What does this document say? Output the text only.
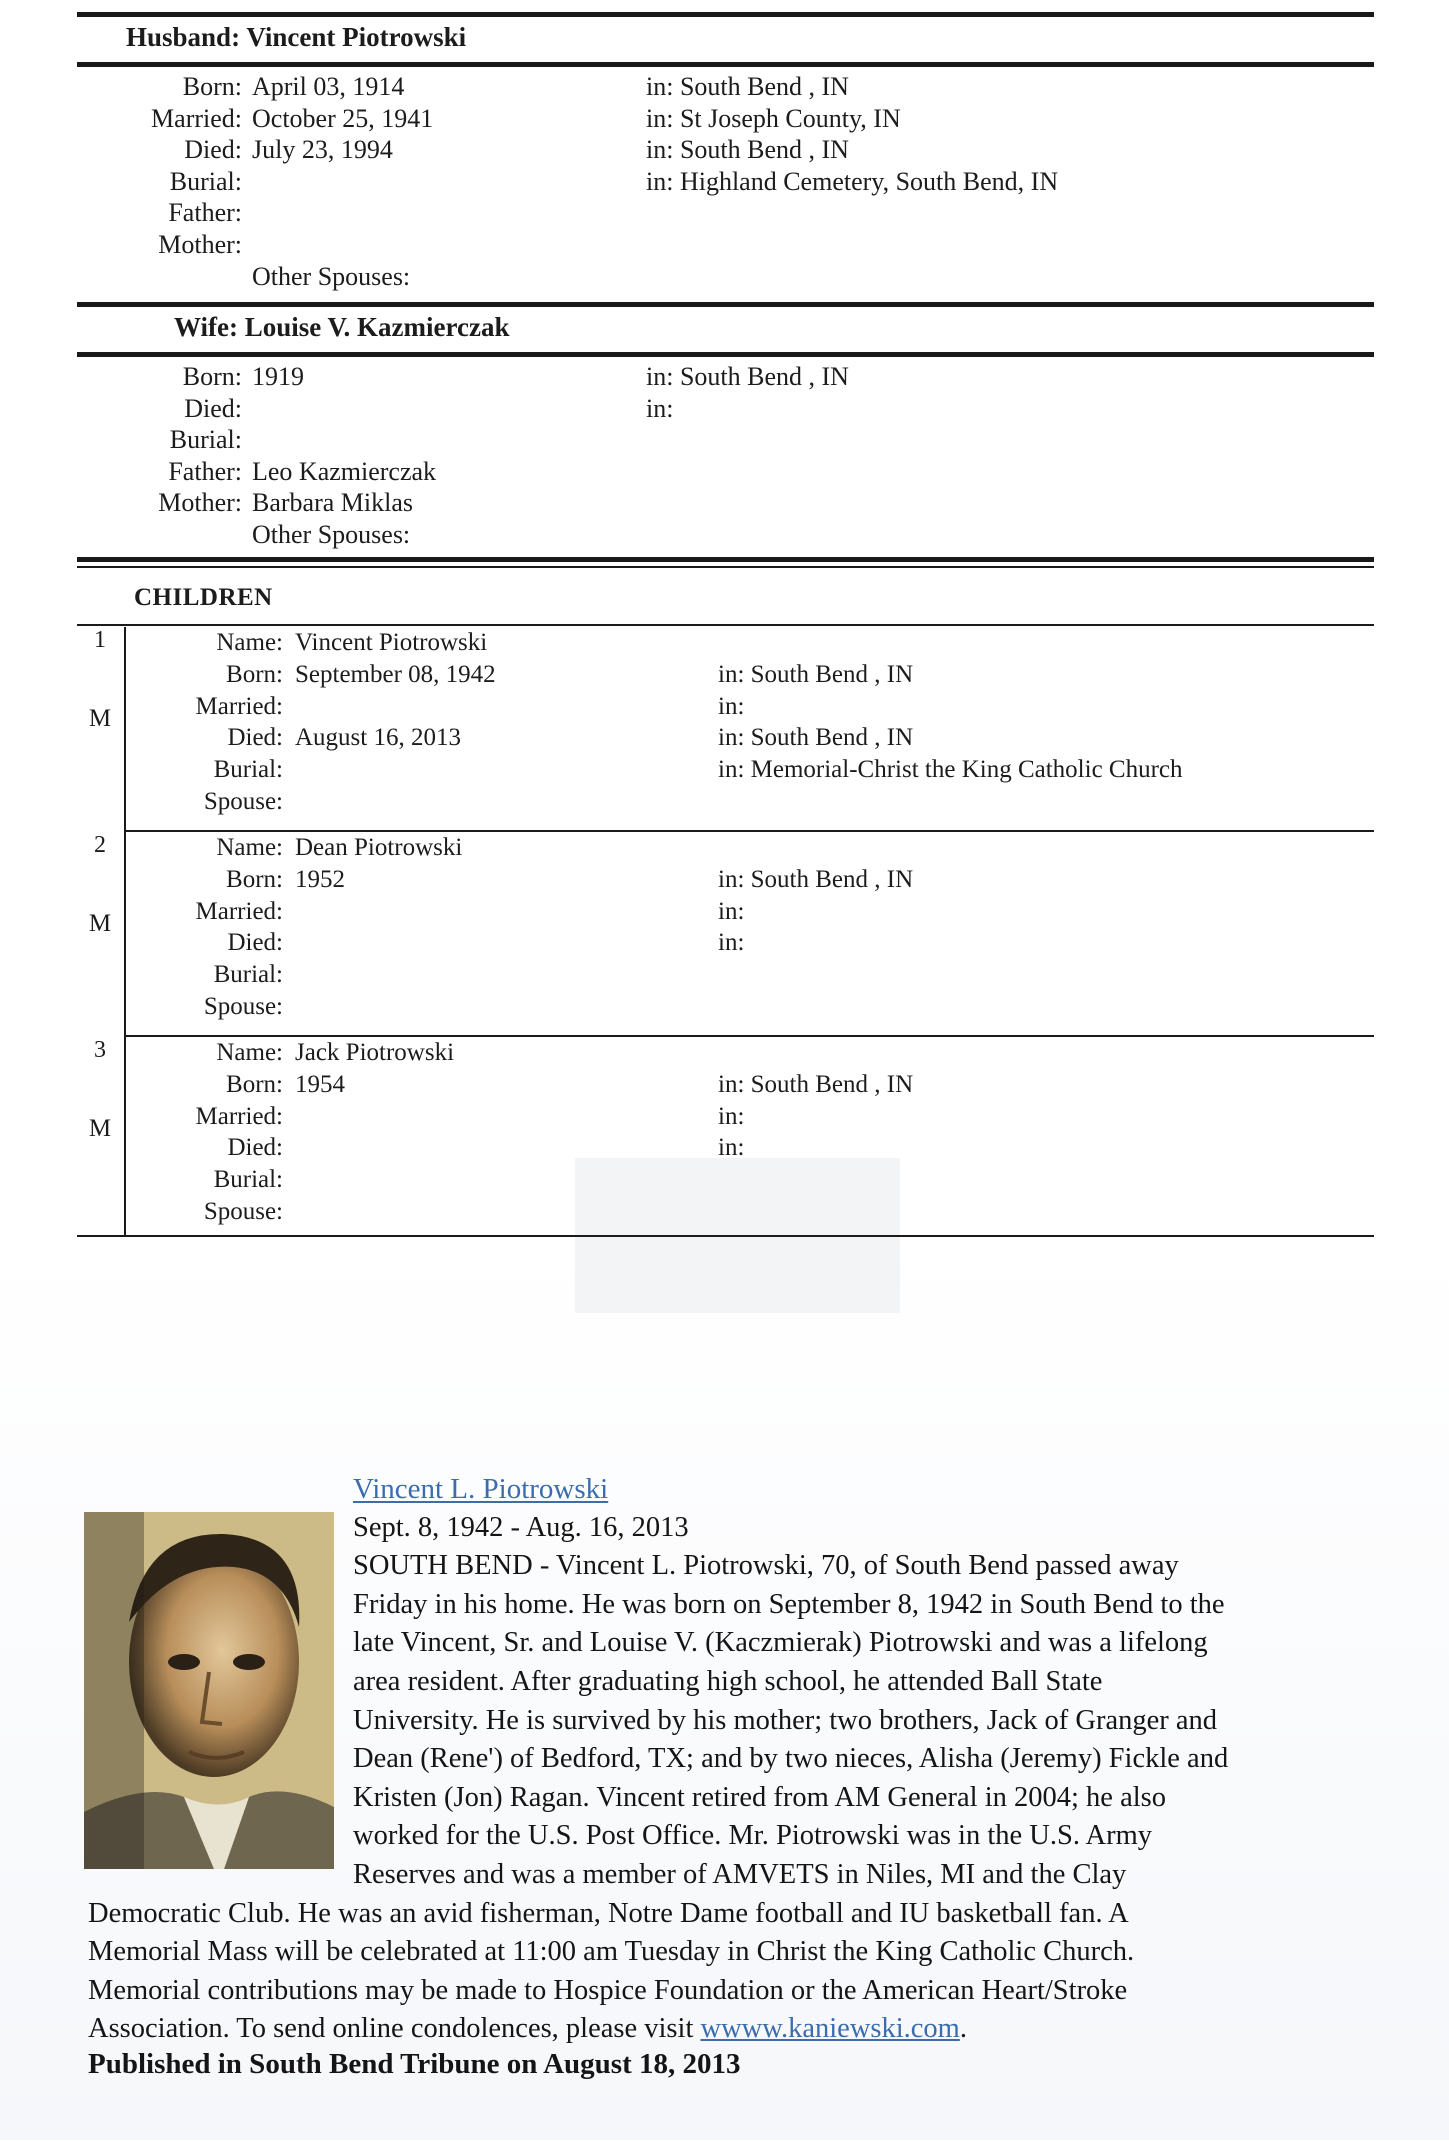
Husband: Vincent Piotrowski
Born: April 03, 1914	in: South Bend , IN
Married: October 25, 1941	in: St Joseph County, IN
Died: July 23, 1994	in: South Bend , IN
Burial:	in: Highland Cemetery, South Bend, IN
Father:
Mother:
Other Spouses:
Wife: Louise V. Kazmierczak
Born: 1919	in: South Bend , IN
Died:	in:
Burial:
Father: Leo Kazmierczak
Mother: Barbara Miklas
Other Spouses:
CHILDREN
1
M
Name: Vincent Piotrowski
Born: September 08, 1942	in: South Bend , IN
Married:	in:
Died: August 16, 2013	in: South Bend , IN
Burial:	in: Memorial-Christ the King Catholic Church
Spouse:
2
M
Name: Dean Piotrowski
Born: 1952	in: South Bend , IN
Married:	in:
Died:	in:
Burial:
Spouse:
3
M
Name: Jack Piotrowski
Born: 1954	in: South Bend , IN
Married:	in:
Died:	in:
Burial:
Spouse:
Vincent L. Piotrowski
Sept. 8, 1942 - Aug. 16, 2013
SOUTH BEND - Vincent L. Piotrowski, 70, of South Bend passed away
Friday in his home. He was born on September 8, 1942 in South Bend to the
late Vincent, Sr. and Louise V. (Kaczmierak) Piotrowski and was a lifelong
area resident. After graduating high school, he attended Ball State
University. He is survived by his mother; two brothers, Jack of Granger and
Dean (Rene') of Bedford, TX; and by two nieces, Alisha (Jeremy) Fickle and
Kristen (Jon) Ragan. Vincent retired from AM General in 2004; he also
worked for the U.S. Post Office. Mr. Piotrowski was in the U.S. Army
Reserves and was a member of AMVETS in Niles, MI and the Clay
Democratic Club. He was an avid fisherman, Notre Dame football and IU basketball fan. A
Memorial Mass will be celebrated at 11:00 am Tuesday in Christ the King Catholic Church.
Memorial contributions may be made to Hospice Foundation or the American Heart/Stroke
Association. To send online condolences, please visit wwww.kaniewski.com.
Published in South Bend Tribune on August 18, 2013
